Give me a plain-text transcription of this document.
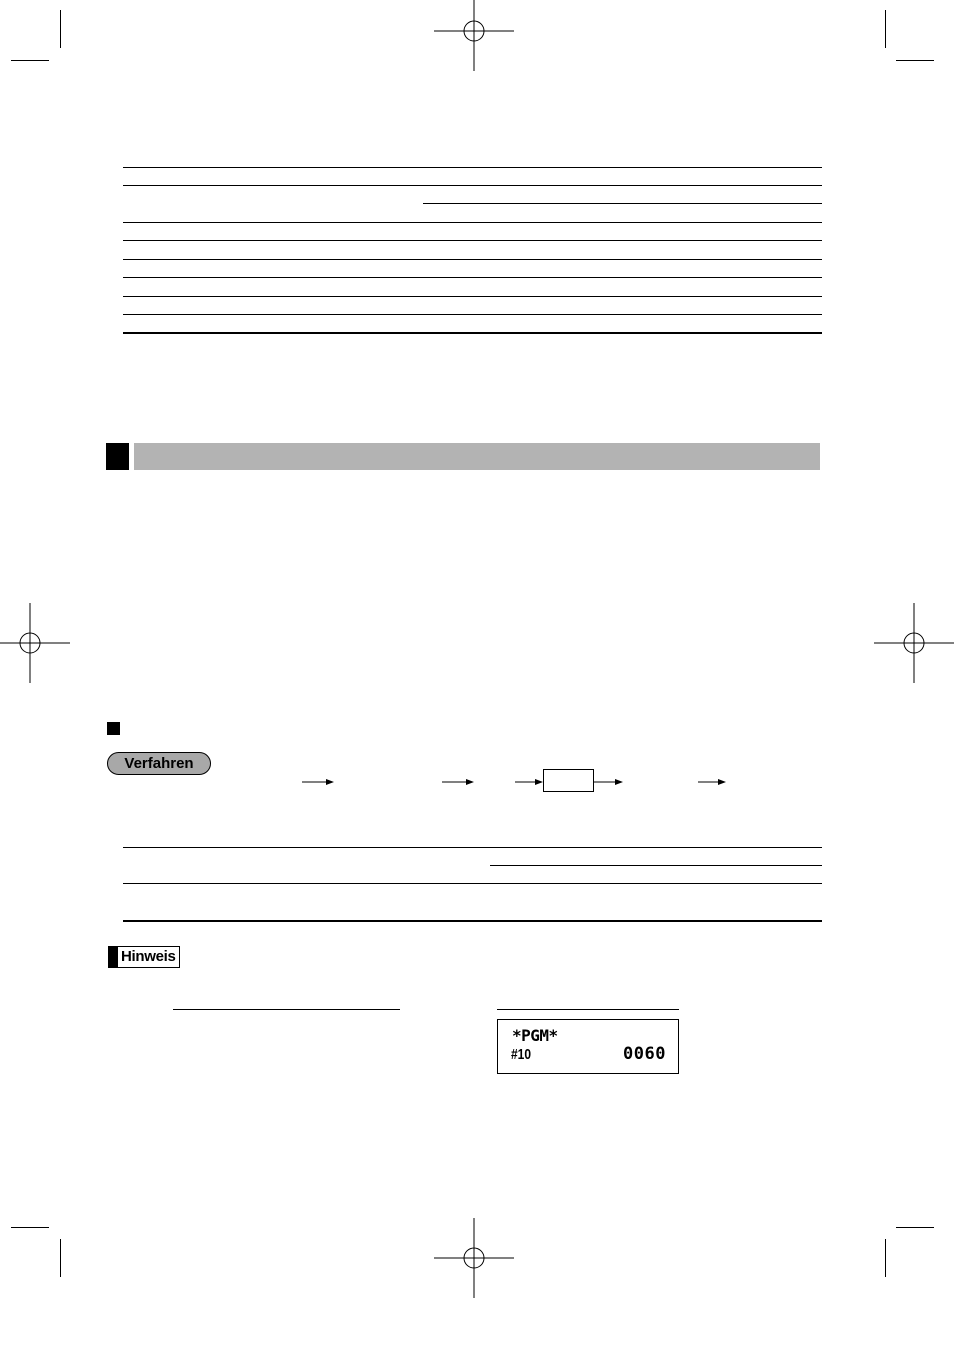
Verfahren
Hinweis
*PGM*
#10	0060
